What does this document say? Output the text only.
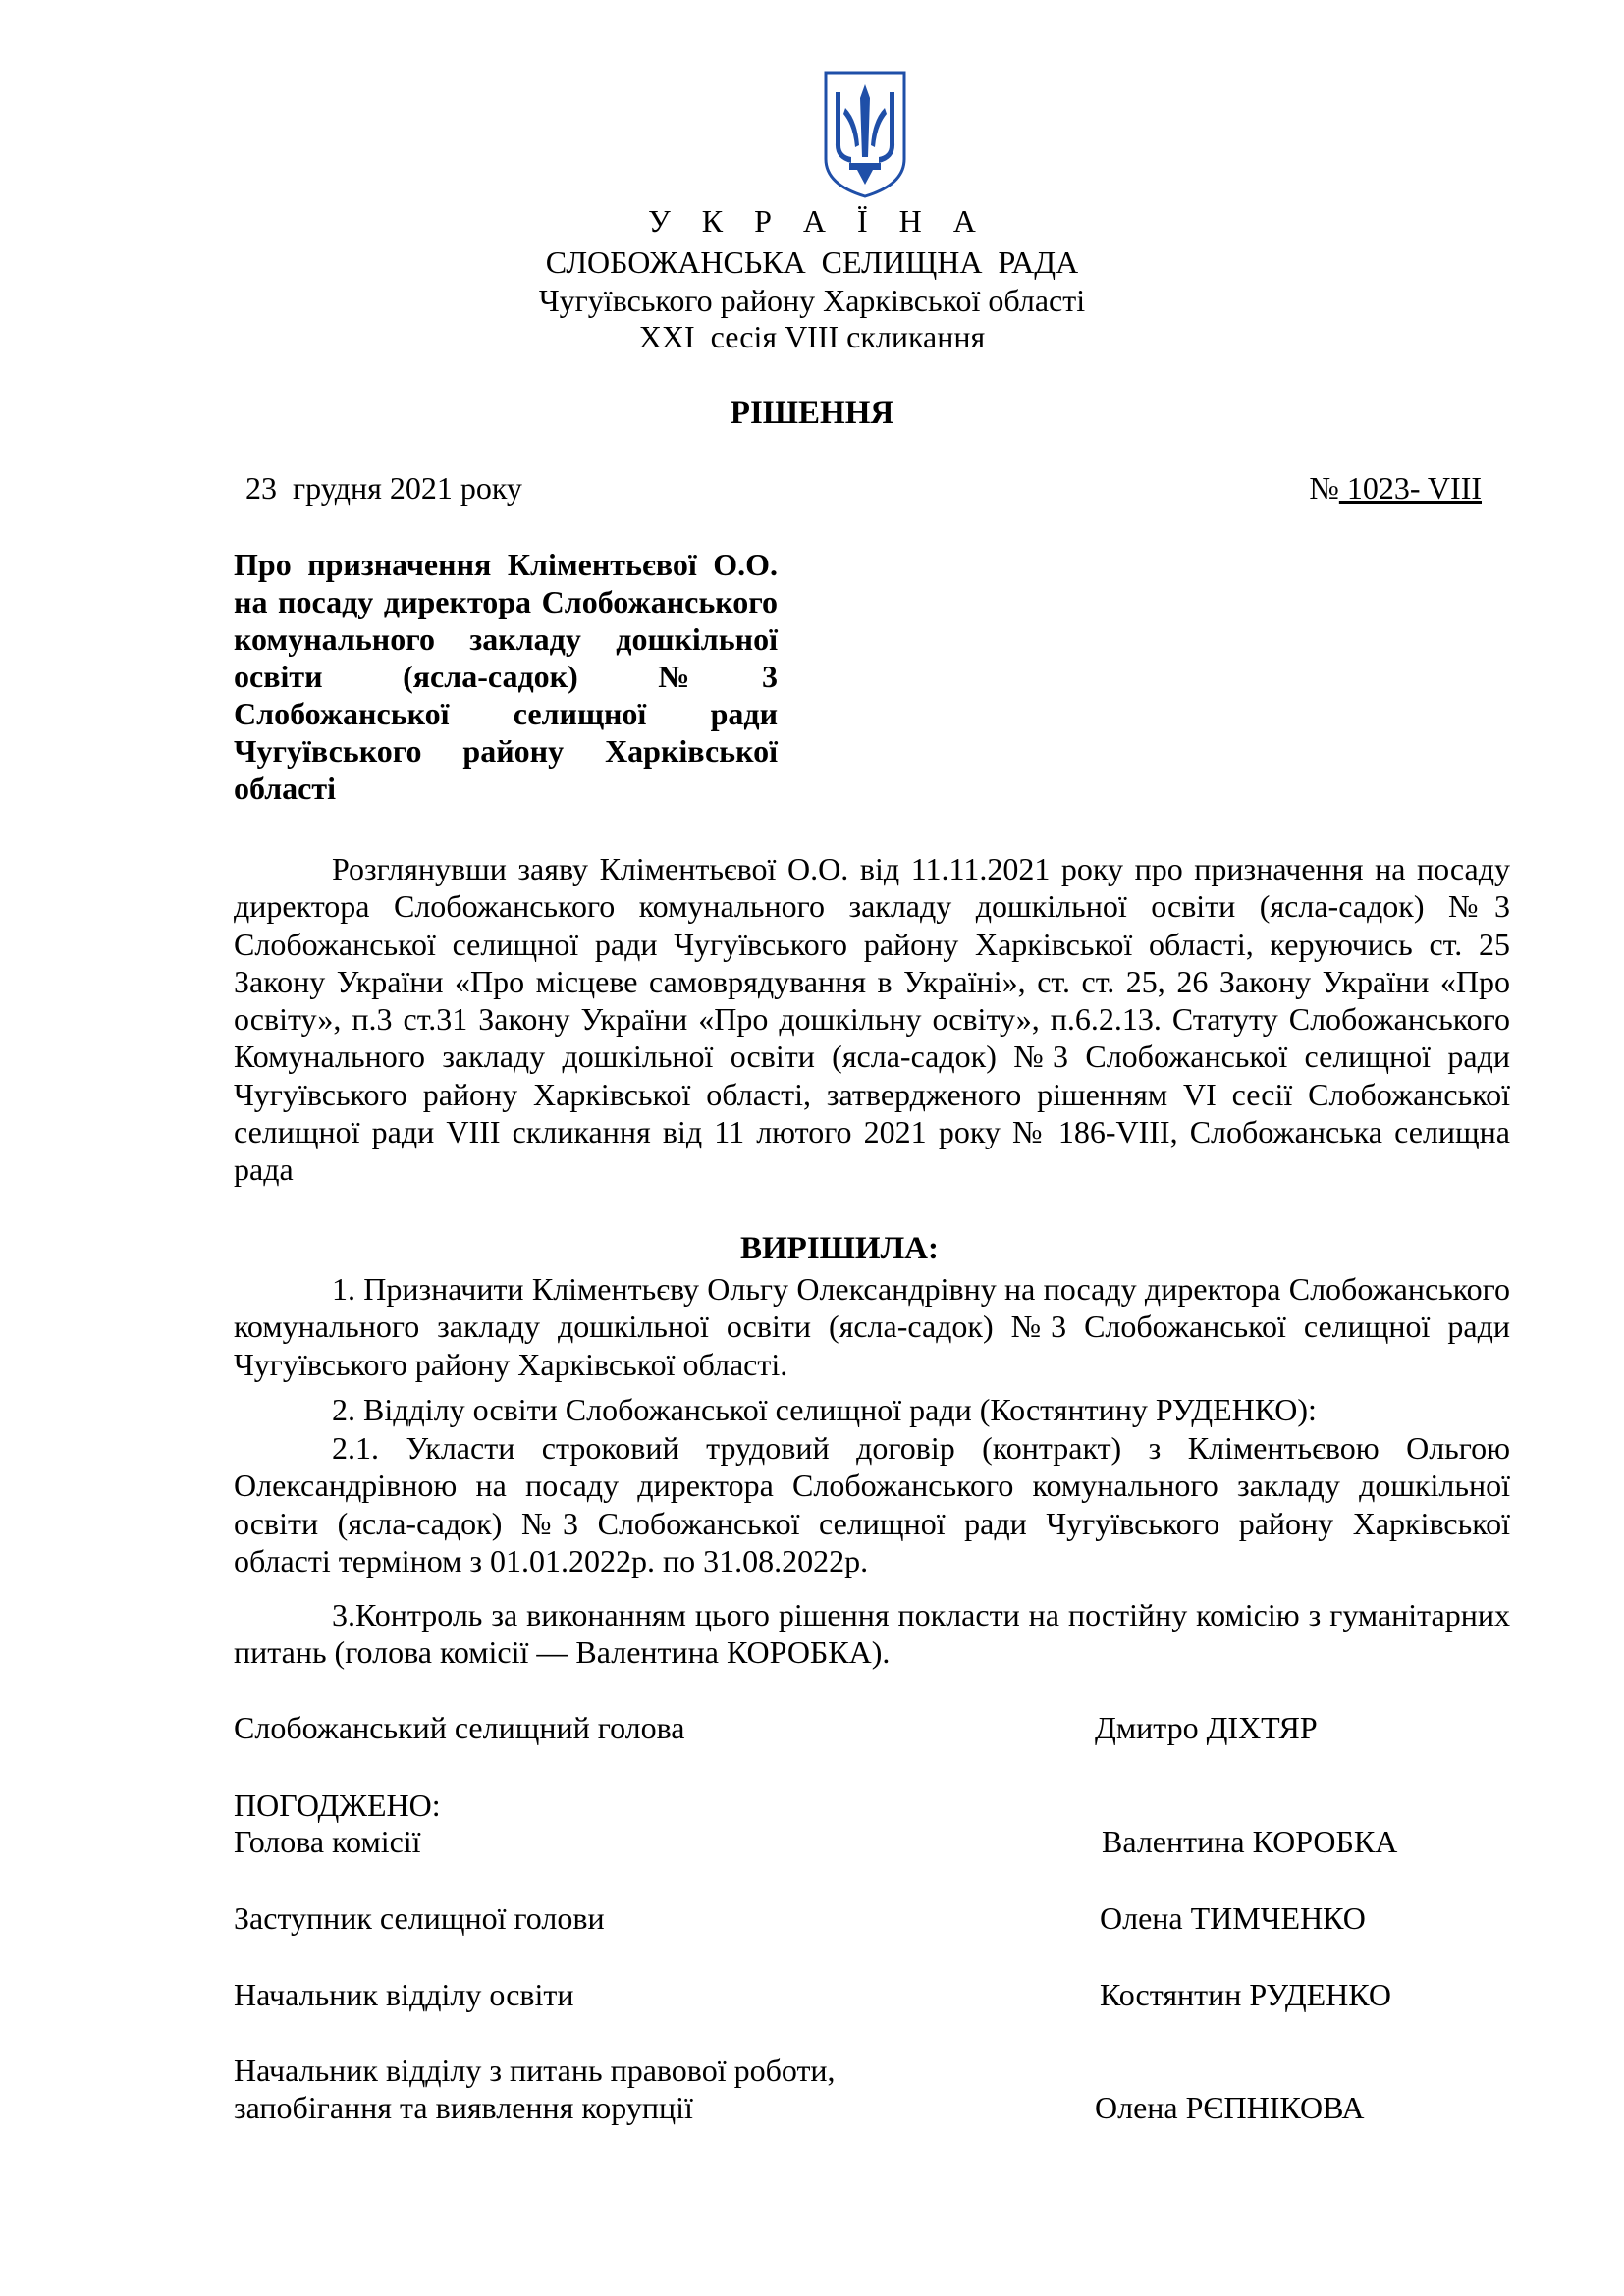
У К Р А Ї Н А
СЛОБОЖАНСЬКА  СЕЛИЩНА  РАДА
Чугуївського району Харківської області
XXI  сесія VIII скликання
РІШЕННЯ
23  грудня 2021 року	№ 1023- VIII
Про призначення Кліментьєвої О.О. на посаду директора Слобожанського комунального закладу дошкільної освіти (ясла-садок) №3 Слобожанської селищної ради Чугуївського району Харківської області
Розглянувши заяву Кліментьєвої О.О. від 11.11.2021 року про призначення на посаду директора Слобожанського комунального закладу дошкільної освіти (ясла-садок) №3 Слобожанської селищної ради Чугуївського району Харківської області, керуючись ст. 25 Закону України «Про місцеве самоврядування в Україні», ст. ст. 25, 26 Закону України «Про освіту», п.3 ст.31 Закону України «Про дошкільну освіту», п.6.2.13. Статуту Слобожанського Комунального закладу дошкільної освіти (ясла-садок) №3 Слобожанської селищної ради Чугуївського району Харківської області, затвердженого рішенням VI сесії Слобожанської селищної ради VIII скликання від 11 лютого 2021 року № 186-VIII, Слобожанська селищна рада
ВИРІШИЛА:
1. Призначити Кліментьєву Ольгу Олександрівну на посаду директора Слобожанського комунального закладу дошкільної освіти (ясла-садок) №3 Слобожанської селищної ради Чугуївського району Харківської області.
2. Відділу освіти Слобожанської селищної ради (Костянтину РУДЕНКО):
2.1. Укласти строковий трудовий договір (контракт) з Кліментьєвою Ольгою Олександрівною на посаду директора Слобожанського комунального закладу дошкільної освіти (ясла-садок) №3 Слобожанської селищної ради Чугуївського району Харківської області терміном з 01.01.2022р. по 31.08.2022р.
3.Контроль за виконанням цього рішення покласти на постійну комісію з гуманітарних питань (голова комісії — Валентина КОРОБКА).
Слобожанський селищний голова	Дмитро ДІХТЯР
ПОГОДЖЕНО:
Голова комісії	Валентина КОРОБКА
Заступник селищної голови	Олена ТИМЧЕНКО
Начальник відділу освіти	Костянтин РУДЕНКО
Начальник відділу з питань правової роботи,
запобігання та виявлення корупції	Олена РЄПНІКОВА
